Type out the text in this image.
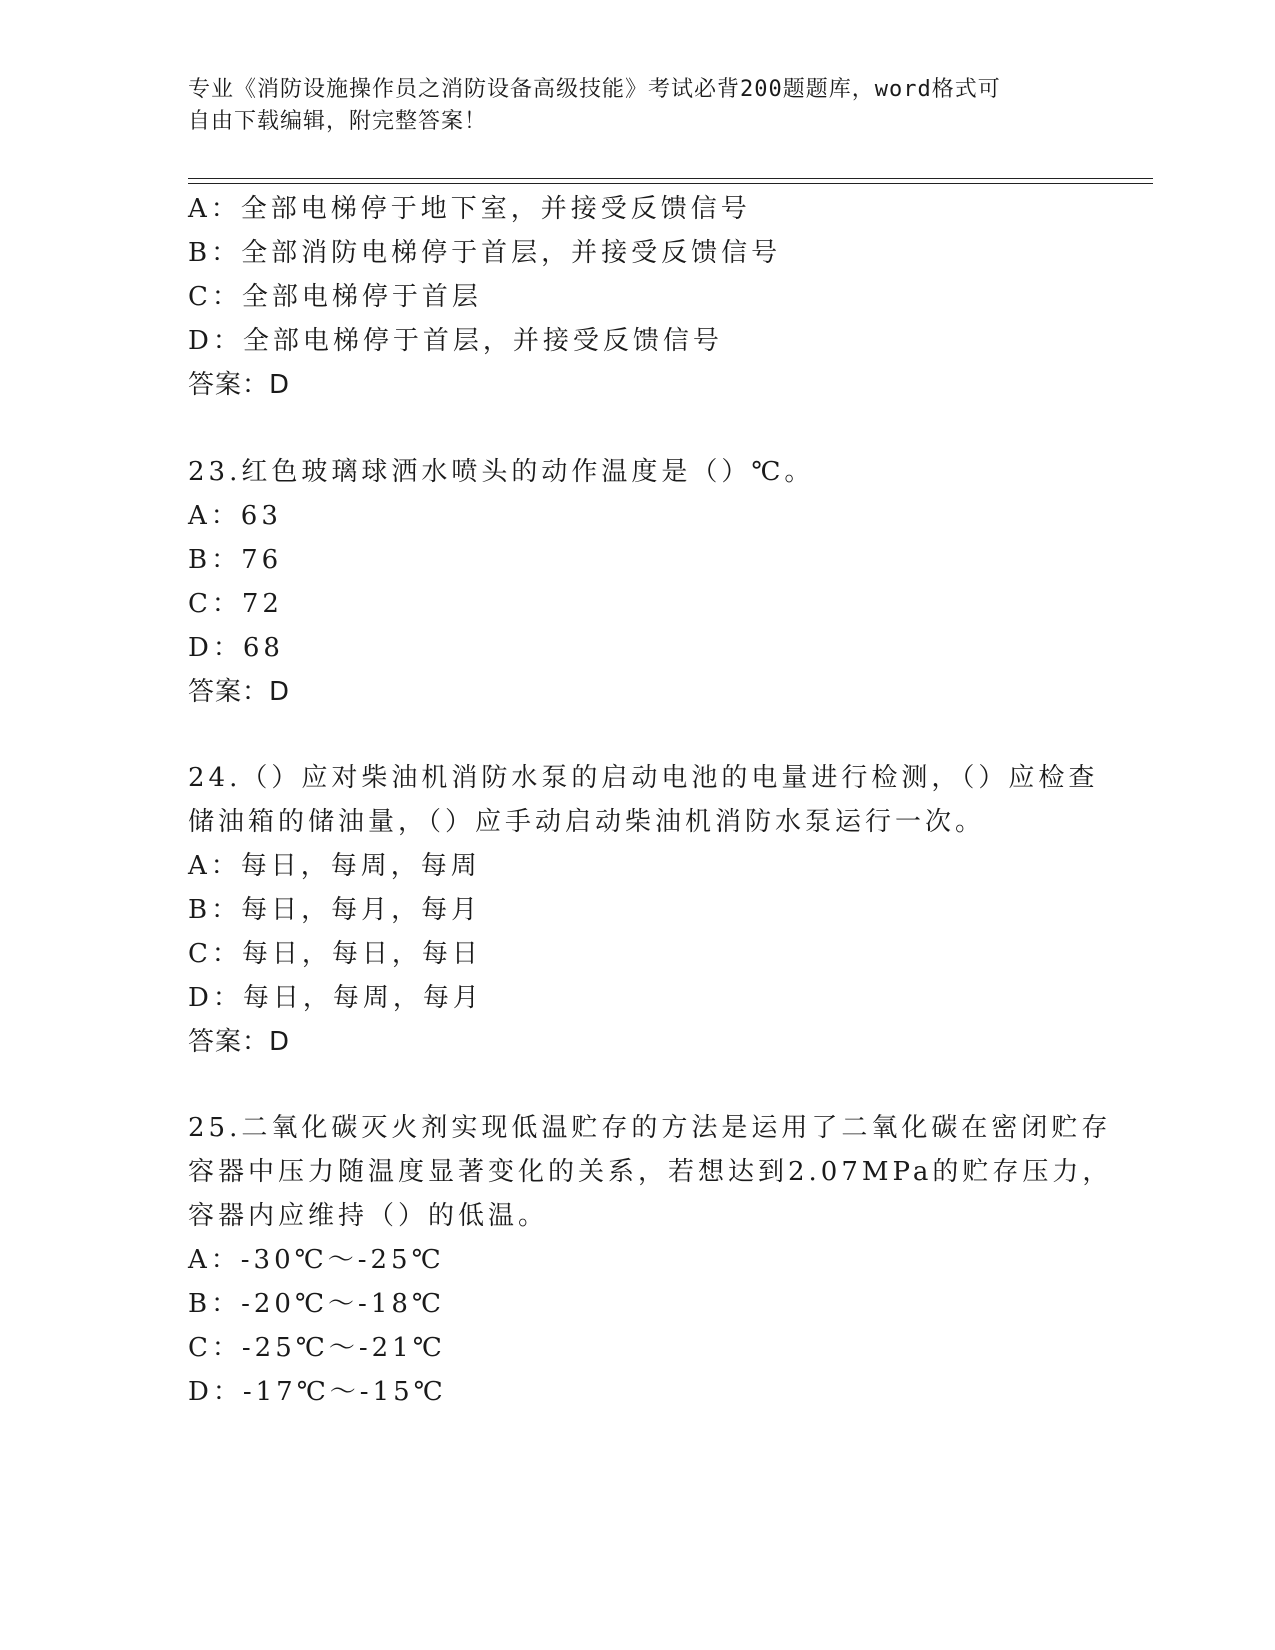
专业《消防设施操作员之消防设备高级技能》考试必背200题题库，word格式可
自由下载编辑，附完整答案！
A：全部电梯停于地下室，并接受反馈信号
B：全部消防电梯停于首层，并接受反馈信号
C：全部电梯停于首层
D：全部电梯停于首层，并接受反馈信号
答案：D
23.红色玻璃球洒水喷头的动作温度是（）℃。
A：63
B：76
C：72
D：68
答案：D
24.（）应对柴油机消防水泵的启动电池的电量进行检测，（）应检查
储油箱的储油量，（）应手动启动柴油机消防水泵运行一次。
A：每日，每周，每周
B：每日，每月，每月
C：每日，每日，每日
D：每日，每周，每月
答案：D
25.二氧化碳灭火剂实现低温贮存的方法是运用了二氧化碳在密闭贮存
容器中压力随温度显著变化的关系，若想达到2.07MPa的贮存压力，
容器内应维持（）的低温。
A：-30℃～-25℃
B：-20℃～-18℃
C：-25℃～-21℃
D：-17℃～-15℃
